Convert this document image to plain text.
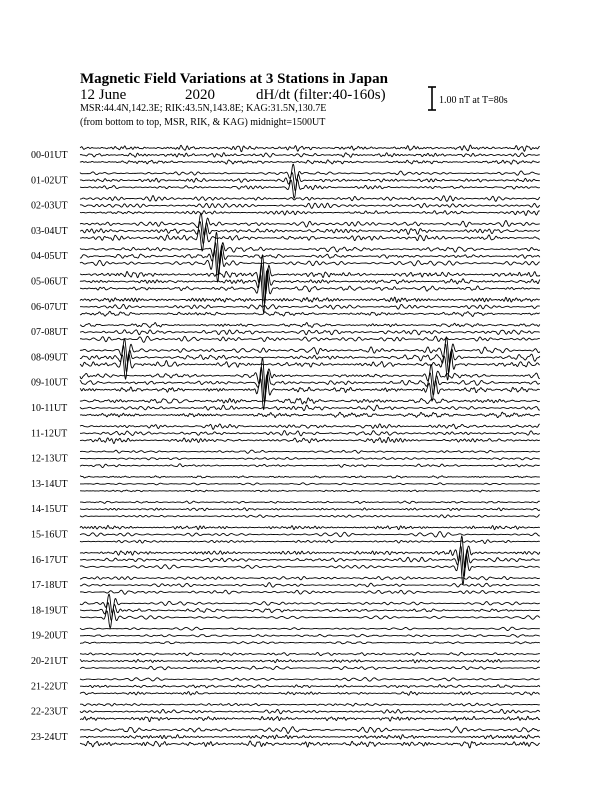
Magnetic Field Variations at 3 Stations in Japan
12 June	2020	dH/dt (filter:40-160s)
MSR:44.4N,142.3E; RIK:43.5N,143.8E; KAG:31.5N,130.7E
(from bottom to top, MSR, RIK, & KAG) midnight=1500UT
1.00 nT at T=80s
00-01UT
01-02UT
02-03UT
03-04UT
04-05UT
05-06UT
06-07UT
07-08UT
08-09UT
09-10UT
10-11UT
11-12UT
12-13UT
13-14UT
14-15UT
15-16UT
16-17UT
17-18UT
18-19UT
19-20UT
20-21UT
21-22UT
22-23UT
23-24UT
